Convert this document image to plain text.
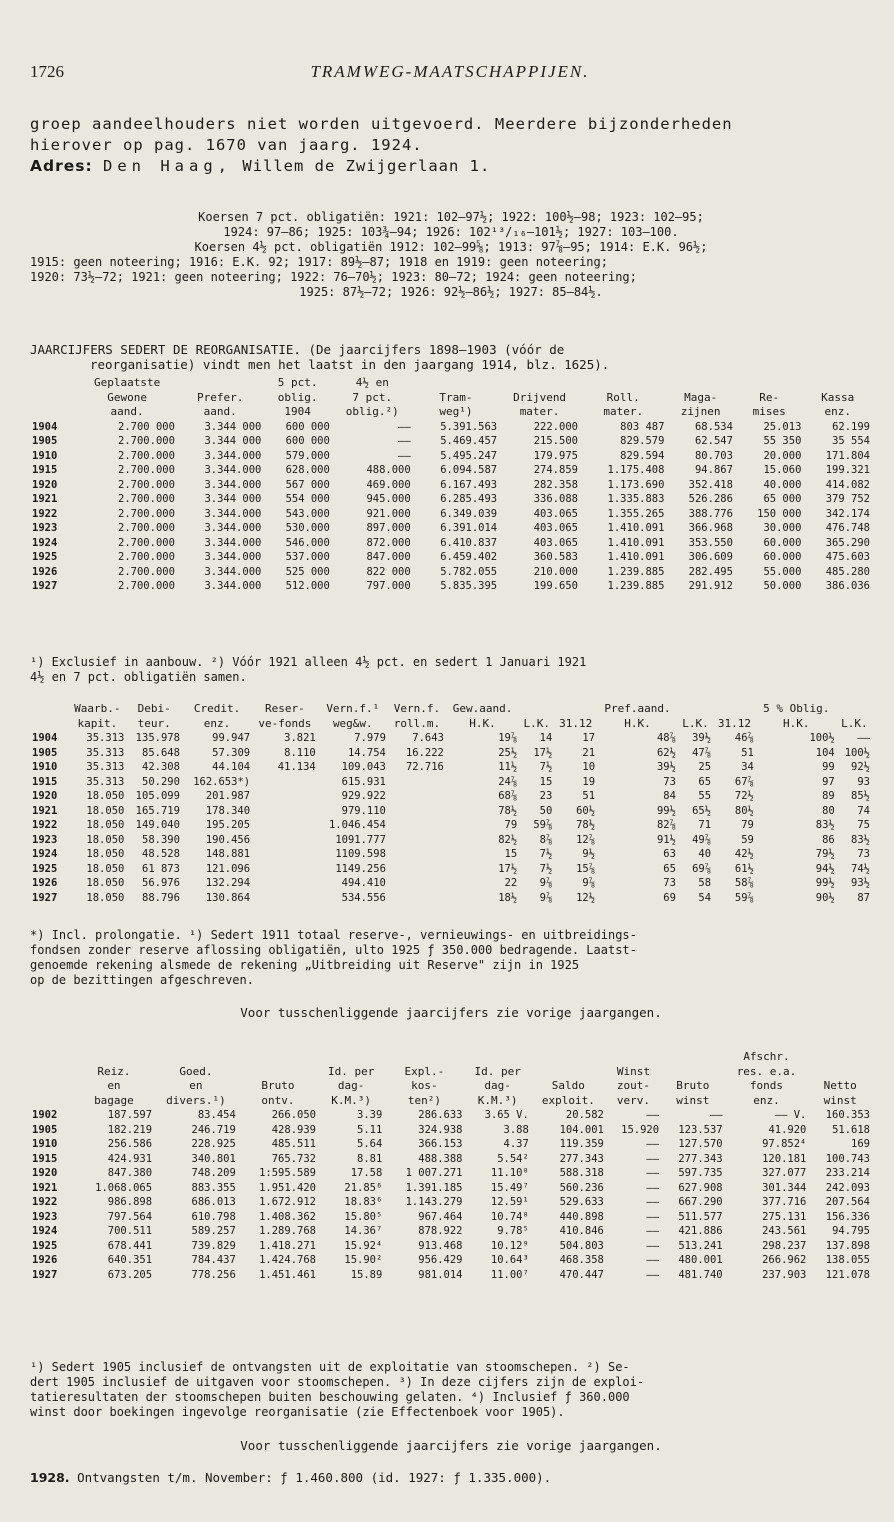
1726	TRAMWEG-MAATSCHAPPIJEN.
groep aandeelhouders niet worden uitgevoerd. Meerdere bijzonderheden
hierover op pag. 1670 van jaarg. 1924.
Adres: Den Haag, Willem de Zwijgerlaan 1.
Koersen 7 pct. obligatiën: 1921: 102—97½; 1922: 100½—98; 1923: 102—95;
1924: 97—86; 1925: 103¾—94; 1926: 102¹³/₁₆—101½; 1927: 103—100.
Koersen 4½ pct. obligatiën 1912: 102—99⅝; 1913: 97⅞—95; 1914: E.K. 96½;
1915: geen noteering; 1916: E.K. 92; 1917: 89½—87; 1918 en 1919: geen noteering;
1920: 73½—72; 1921: geen noteering; 1922: 76—70½; 1923: 80—72; 1924: geen noteering;
1925: 87½—72; 1926: 92½—86½; 1927: 85—84½.
JAARCIJFERS SEDERT DE REORGANISATIE. (De jaarcijfers 1898—1903 (vóór de
reorganisatie) vindt men het laatst in den jaargang 1914, blz. 1625).
	Geplaatste		5 pct.	4½ en						
	Gewone	Prefer.	oblig.	7 pct.	Tram-	Drijvend	Roll.	Maga-	Re-	Kassa
	aand.	aand.	1904	oblig.²)	weg¹)	mater.	mater.	zijnen	mises	enz.
1904	2.700 000	3.344 000	600 000	——	5.391.563	222.000	803 487	68.534	25.013	62.199
1905	2.700.000	3.344 000	600 000	——	5.469.457	215.500	829.579	62.547	55 350	35 554
1910	2.700.000	3.344.000	579.000	——	5.495.247	179.975	829.594	80.703	20.000	171.804
1915	2.700.000	3.344.000	628.000	488.000	6.094.587	274.859	1.175.408	94.867	15.060	199.321
1920	2.700.000	3.344.000	567 000	469.000	6.167.493	282.358	1.173.690	352.418	40.000	414.082
1921	2.700.000	3.344 000	554 000	945.000	6.285.493	336.088	1.335.883	526.286	65 000	379 752
1922	2.700.000	3.344.000	543.000	921.000	6.349.039	403.065	1.355.265	388.776	150 000	342.174
1923	2.700.000	3.344.000	530.000	897.000	6.391.014	403.065	1.410.091	366.968	30.000	476.748
1924	2.700.000	3.344.000	546.000	872.000	6.410.837	403.065	1.410.091	353.550	60.000	365.290
1925	2.700.000	3.344.000	537.000	847.000	6.459.402	360.583	1.410.091	306.609	60.000	475.603
1926	2.700.000	3.344.000	525 000	822 000	5.782.055	210.000	1.239.885	282.495	55.000	485.280
1927	2.700.000	3.344.000	512.000	797.000	5.835.395	199.650	1.239.885	291.912	50.000	386.036
¹) Exclusief in aanbouw. ²) Vóór 1921 alleen 4½ pct. en sedert 1 Januari 1921
4½ en 7 pct. obligatiën samen.
	Waarb.-	Debi-	Credit.	Reser-	Vern.f.¹	Vern.f.	Gew.aand.			Pref.aand.			5 % Oblig.	
	kapit.	teur.	enz.	ve-fonds	weg&w.	roll.m.	H.K.	L.K.	31.12	H.K.	L.K.	31.12	H.K.	L.K.
1904	35.313	135.978	99.947	3.821	7.979	7.643	19⅞	14	17	48⅞	39½	46⅞	100½	——
1905	35.313	85.648	57.309	8.110	14.754	16.222	25½	17½	21	62½	47⅞	51	104	100½
1910	35.313	42.308	44.104	41.134	109.043	72.716	11½	7½	10	39½	25	34	99	92½
1915	35.313	50.290	162.653*)		615.931		24⅞	15	19	73	65	67⅞	97	93
1920	18.050	105.099	201.987		929.922		68⅞	23	51	84	55	72½	89	85½
1921	18.050	165.719	178.340		979.110		78½	50	60½	99½	65½	80½	80	74
1922	18.050	149.040	195.205		1.046.454		79	59⅞	78½	82⅞	71	79	83½	75
1923	18.050	58.390	190.456		1091.777		82½	8⅞	12⅞	91½	49⅞	59	86	83½
1924	18.050	48.528	148.881		1109.598		15	7½	9½	63	40	42½	79½	73
1925	18.050	61 873	121.096		1149.256		17½	7½	15⅞	65	69⅞	61½	94½	74½
1926	18.050	56.976	132.294		494.410		22	9⅞	9⅞	73	58	58⅞	99½	93½
1927	18.050	88.796	130.864		534.556		18½	9⅞	12½	69	54	59⅞	90½	87
*) Incl. prolongatie. ¹) Sedert 1911 totaal reserve-, vernieuwings- en uitbreidings-
fondsen zonder reserve aflossing obligatiën, ulto 1925 ƒ 350.000 bedragende. Laatst-
genoemde rekening alsmede de rekening „Uitbreiding uit Reserve" zijn in 1925
op de bezittingen afgeschreven.
Voor tusschenliggende jaarcijfers zie vorige jaargangen.
										Afschr.	
	Reiz.	Goed.		Id. per	Expl.-	Id. per		Winst		res. e.a.	
	en	en	Bruto	dag-	kos-	dag-	Saldo	zout-	Bruto	fonds	Netto
	bagage	divers.¹)	ontv.	K.M.³)	ten²)	K.M.³)	exploit.	verv.	winst	enz.	winst
1902	187.597	83.454	266.050	3.39	286.633	3.65 V.	20.582	——	——	—— V.	160.353
1905	182.219	246.719	428.939	5.11	324.938	3.88	104.001	15.920	123.537	41.920	51.618
1910	256.586	228.925	485.511	5.64	366.153	4.37	119.359	——	127.570	97.852⁴	169
1915	424.931	340.801	765.732	8.81	488.388	5.54²	277.343	——	277.343	120.181	100.743
1920	847.380	748.209	1:595.589	17.58	1 007.271	11.10⁸	588.318	——	597.735	327.077	233.214
1921	1.068.065	883.355	1.951.420	21.85⁶	1.391.185	15.49⁷	560.236	——	627.908	301.344	242.093
1922	986.898	686.013	1.672.912	18.83⁶	1.143.279	12.59¹	529.633	——	667.290	377.716	207.564
1923	797.564	610.798	1.408.362	15.80⁵	967.464	10.74⁸	440.898	——	511.577	275.131	156.336
1924	700.511	589.257	1.289.768	14.36⁷	878.922	9.78⁵	410.846	——	421.886	243.561	94.795
1925	678.441	739.829	1.418.271	15.92⁴	913.468	10.12⁹	504.803	——	513.241	298.237	137.898
1926	640.351	784.437	1.424.768	15.90²	956.429	10.64³	468.358	——	480.001	266.962	138.055
1927	673.205	778.256	1.451.461	15.89	981.014	11.00⁷	470.447	——	481.740	237.903	121.078
¹) Sedert 1905 inclusief de ontvangsten uit de exploitatie van stoomschepen. ²) Se-
dert 1905 inclusief de uitgaven voor stoomschepen. ³) In deze cijfers zijn de exploi-
tatieresultaten der stoomschepen buiten beschouwing gelaten. ⁴) Inclusief ƒ 360.000
winst door boekingen ingevolge reorganisatie (zie Effectenboek voor 1905).
Voor tusschenliggende jaarcijfers zie vorige jaargangen.
1928. Ontvangsten t/m. November: ƒ 1.460.800 (id. 1927: ƒ 1.335.000).
